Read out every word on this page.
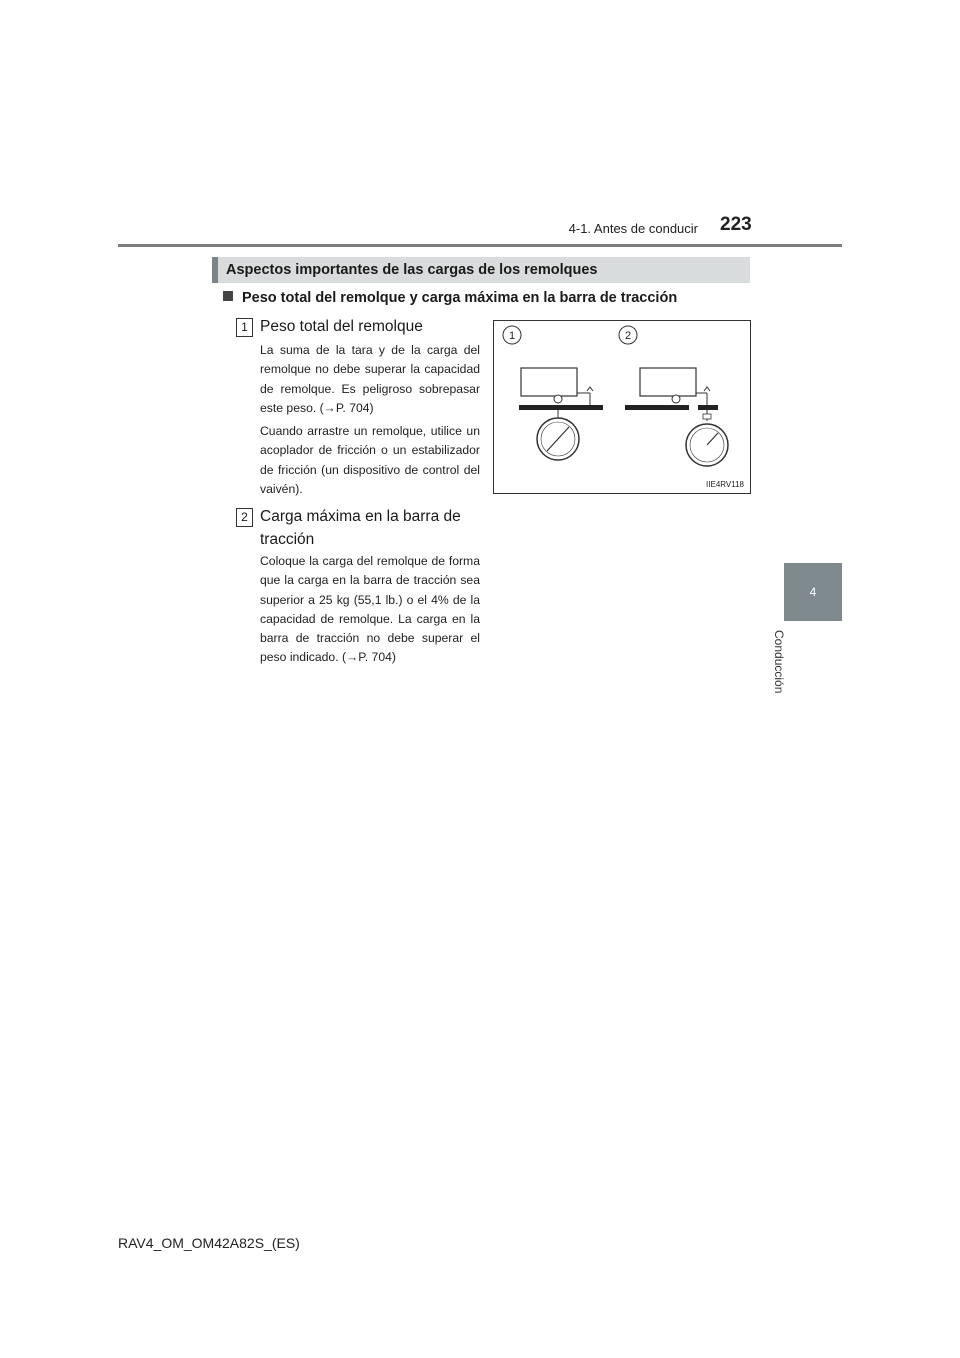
4-1. Antes de conducir 223
4
Conducción
Aspectos importantes de las cargas de los remolques
Peso total del remolque y carga máxima en la barra de tracción
1 Peso total del remolque
La suma de la tara y de la carga del remolque no debe superar la capacidad de remolque. Es peligroso sobrepasar este peso. (→P. 704)
Cuando arrastre un remolque, utilice un acoplador de fricción o un estabilizador de fricción (un dispositivo de control del vaivén).
2 Carga máxima en la barra de tracción
Coloque la carga del remolque de forma que la carga en la barra de tracción sea superior a 25 kg (55,1 lb.) o el 4% de la capacidad de remolque. La carga en la barra de tracción no debe superar el peso indicado. (→P. 704)
1	2
IIE4RV118
RAV4_OM_OM42A82S_(ES)
